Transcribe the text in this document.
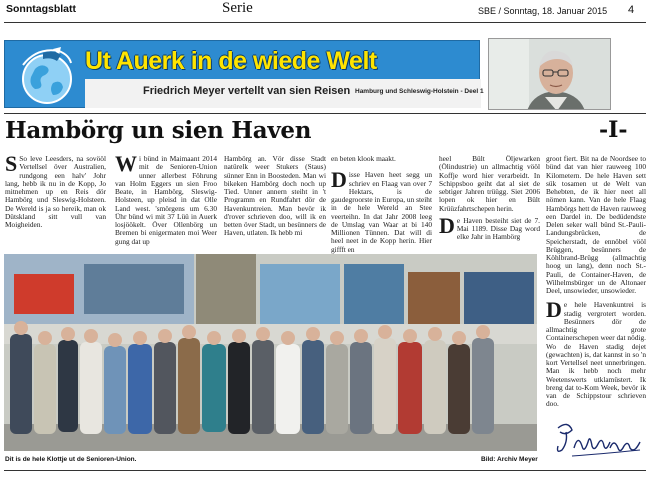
Sonntagsblatt	Serie	SBE / Sonntag, 18. Januar 2015 4
Ut Auerk in de wiede Welt
Friedrich Meyer vertellt van sien Reisen Hamburg und Schleswig-Holstein - Deel 1
Hambörg un sien Haven	-I-
S So leve Leesders, na sovööl Vertellsel över Australien, rundgong een halv' Johr lang, hebb ik nu in de Kopp, Jo mitnehmen up en Reis dör Hambörg und Sleswig-Holsteen. De Wereld is ja so hereik, man ok Dütskland sitt vull van Moigheiden.
Wi bünd in Maimaant 2014 mit de Senioren-Union unner allerbest Föhrung van Holm Eggers un sien Froo Beate, in Hambörg, Sleswig-Holsteen, up pleisd in dat Olle Land west. 'smörgens um 6.30 Ühr bünd wi mit 37 Lüü in Auerk losjöökelt. Över Ollenbörg un Bremen bi enigermaten moi Weer gung dat up
Hambörg an. Vör disse Stadt natürelk weer Stukers (Staus) sünner Enn in Boosteden. Man wi bikeken Hambörg doch noch up Tied. Unner annern steiht in 't Programm en Rundfahrt dör de Havenkuntreien. Man bevör ik d'rover schrieven doo, will ik en betten över Stadt, un besünners de Haven, utlaten. Ik hebb mi
en beten klook maakt.
D isse Haven heet segg un schriev en Flaag van over 7 Hektars, is de gaudegroorste in Europa, un steiht in de hele Wereld an Stee veerteihn. In dat Jahr 2008 leeg de Umslag van Waar at bi 140 Millionen Tünnen. Dat will di heel neet in de Kopp herin. Hier giffft en
heel Bült Öljewarken (Ölindustrie) un allmachtig vööl Koffje word hier verarbeidt. In Schippsboo geiht dat al siet de sebtiger Jahren trüügg. Siet 2006 lopen ok hier en Bült Krüüzfahrtschepen herin.
D e Haven besteiht siet de 7. Mai 1189. Disse Dag word elke Jahr in Hambörg
groot fiert. Bit na de Noordsee to bünd dat van hier rauweeg 100 Kilometern. De hele Haven sett sük tosamen ut de Welt van Behebten, de ik hier neet all nömen kann. Van de hele Flaag Hambörgs hett de Haven rauweeg een Dardel in. De bedüdendste Delen seker wall bünd St.-Pauli-Landungsbrücken, de Speicherstadt, de ennöbel vööl Brüggen, besünners de Köhlbrand-Brügg (allmachtig hoog un lang), denn noch St.-Pauli, de Container-Haven, de Wilhelmsbürger un de Altonaer Deel, unsowieder, unsowieder.
D e hele Havenkuntrei is stadig vergrotert worden. Besünners dör de allmachtig grote Containerschepen weer dat nödig. Wo de Haven stadig dejet (gewachten) is, dat kannst in so 'n kort Vertellsel neet unnerbringen. Man ik hebb noch mehr Weetenswerts utklamüstert. Ik breng dat to-Kom Week, bevör ik van de Schippstour schrieven doo.
Dit is de hele Klottje ut de Senioren-Union.	Bild: Archiv Meyer
